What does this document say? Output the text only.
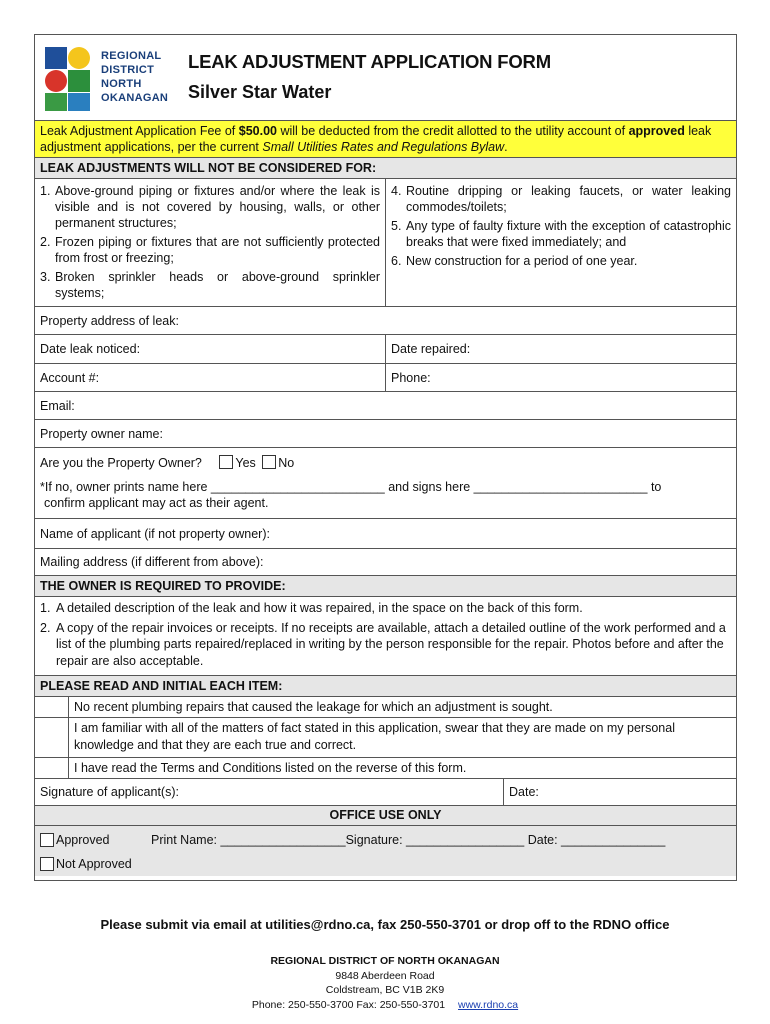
REGIONAL
DISTRICT
NORTH
OKANAGAN
LEAK ADJUSTMENT APPLICATION FORM
Silver Star Water
Leak Adjustment Application Fee of $50.00 will be deducted from the credit allotted to the utility account of approved leak adjustment applications, per the current Small Utilities Rates and Regulations Bylaw.
LEAK ADJUSTMENTS WILL NOT BE CONSIDERED FOR:
1. Above-ground piping or fixtures and/or where the leak is visible and is not covered by housing, walls, or other permanent structures;
2. Frozen piping or fixtures that are not sufficiently protected from frost or freezing;
3. Broken sprinkler heads or above-ground sprinkler systems;
4. Routine dripping or leaking faucets, or water leaking commodes/toilets;
5. Any type of faulty fixture with the exception of catastrophic breaks that were fixed immediately; and
6. New construction for a period of one year.
Property address of leak:
Date leak noticed:	Date repaired:
Account #:	Phone:
Email:
Property owner name:
Are you the Property Owner?	Yes No
*If no, owner prints name here _________________________ and signs here _________________________ to
confirm applicant may act as their agent.
Name of applicant (if not property owner):
Mailing address (if different from above):
THE OWNER IS REQUIRED TO PROVIDE:
1. A detailed description of the leak and how it was repaired, in the space on the back of this form.
2. A copy of the repair invoices or receipts. If no receipts are available, attach a detailed outline of the work performed and a list of the plumbing parts repaired/replaced in writing by the person responsible for the repair. Photos before and after the repair are also acceptable.
PLEASE READ AND INITIAL EACH ITEM:
No recent plumbing repairs that caused the leakage for which an adjustment is sought.
I am familiar with all of the matters of fact stated in this application, swear that they are made on my personal knowledge and that they are each true and correct.
I have read the Terms and Conditions listed on the reverse of this form.
Signature of applicant(s):	Date:
OFFICE USE ONLY
Approved	Print Name: __________________Signature: _________________ Date: _______________
Not Approved
Please submit via email at utilities@rdno.ca, fax 250-550-3701 or drop off to the RDNO office
REGIONAL DISTRICT OF NORTH OKANAGAN
9848 Aberdeen Road
Coldstream, BC V1B 2K9
Phone: 250-550-3700 Fax: 250-550-3701 www.rdno.ca
